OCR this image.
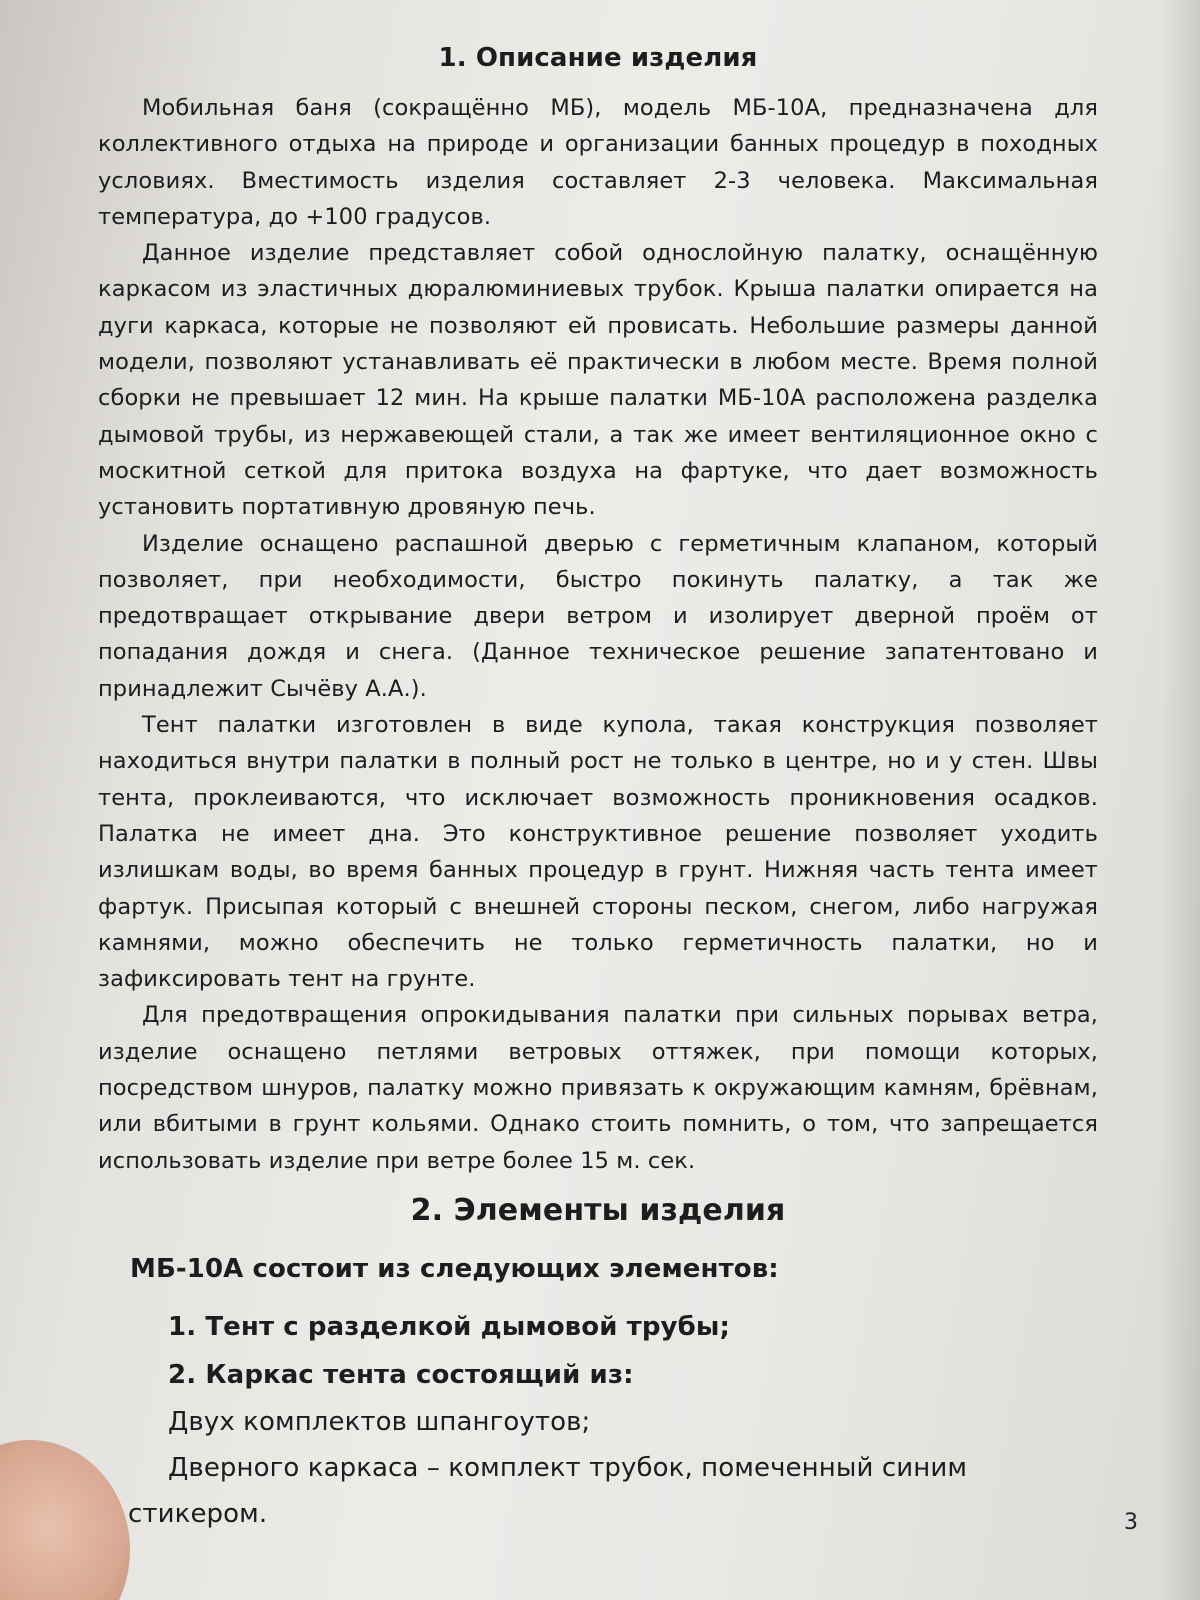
1. Описание изделия

Мобильная баня (сокращённо МБ), модель МБ-10А, предназначена для коллективного отдыха на природе и организации банных процедур в походных условиях. Вместимость изделия составляет 2-3 человека. Максимальная температура, до +100 градусов.

Данное изделие представляет собой однослойную палатку, оснащённую каркасом из эластичных дюралюминиевых трубок. Крыша палатки опирается на дуги каркаса, которые не позволяют ей провисать. Небольшие размеры данной модели, позволяют устанавливать её практически в любом месте. Время полной сборки не превышает 12 мин. На крыше палатки МБ-10А расположена разделка дымовой трубы, из нержавеющей стали, а так же имеет вентиляционное окно с москитной сеткой для притока воздуха на фартуке, что дает возможность установить портативную дровяную печь.

Изделие оснащено распашной дверью с герметичным клапаном, который позволяет, при необходимости, быстро покинуть палатку, а так же предотвращает открывание двери ветром и изолирует дверной проём от попадания дождя и снега. (Данное техническое решение запатентовано и принадлежит Сычёву А.А.).

Тент палатки изготовлен в виде купола, такая конструкция позволяет находиться внутри палатки в полный рост не только в центре, но и у стен. Швы тента, проклеиваются, что исключает возможность проникновения осадков. Палатка не имеет дна. Это конструктивное решение позволяет уходить излишкам воды, во время банных процедур в грунт. Нижняя часть тента имеет фартук. Присыпая который с внешней стороны песком, снегом, либо нагружая камнями, можно обеспечить не только герметичность палатки, но и зафиксировать тент на грунте.

Для предотвращения опрокидывания палатки при сильных порывах ветра, изделие оснащено петлями ветровых оттяжек, при помощи которых, посредством шнуров, палатку можно привязать к окружающим камням, брёвнам, или вбитыми в грунт кольями. Однако стоить помнить, о том, что запрещается использовать изделие при ветре более 15 м. сек.

2. Элементы изделия
МБ-10А состоит из следующих элементов:
1. Тент с разделкой дымовой трубы;
2. Каркас тента состоящий из:
Двух комплектов шпангоутов;
Дверного каркаса – комплект трубок, помеченный синим
стикером.	3
